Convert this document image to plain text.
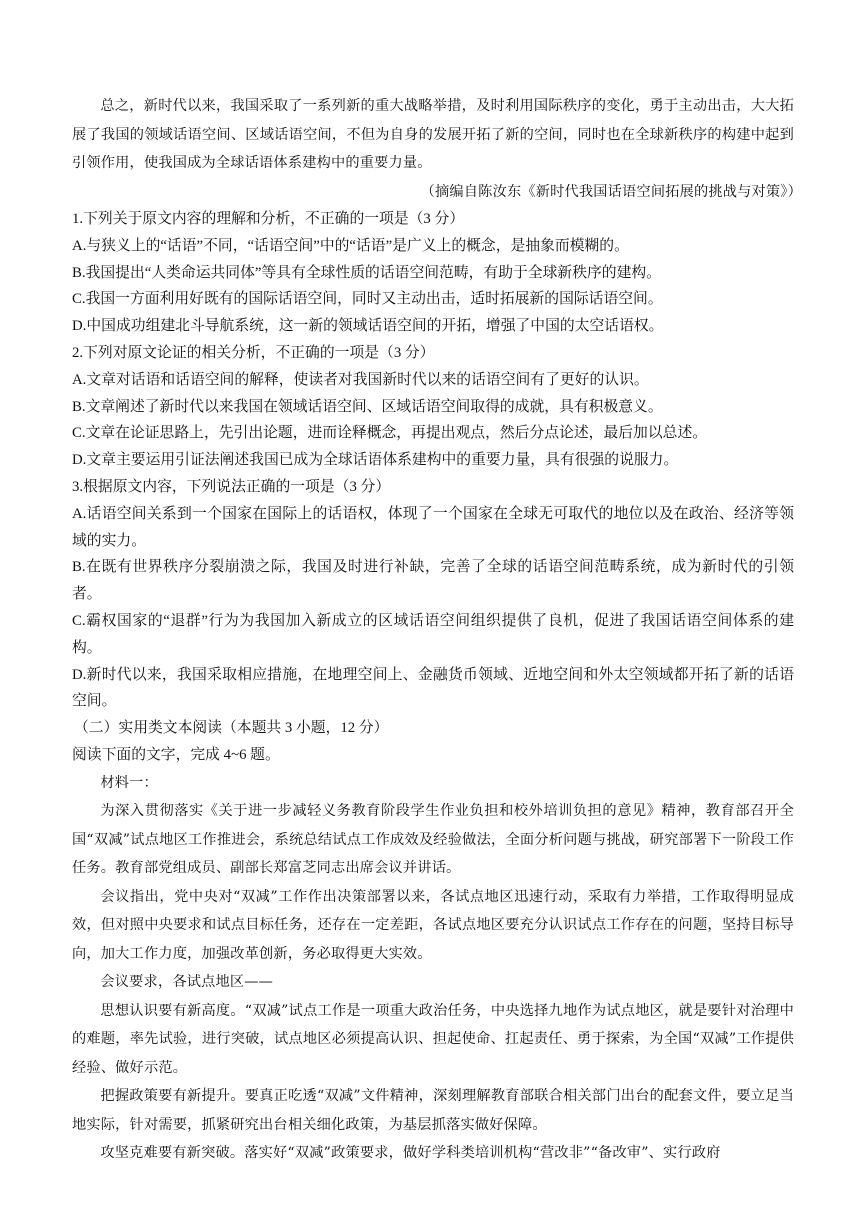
总之，新时代以来，我国采取了一系列新的重大战略举措，及时利用国际秩序的变化，勇于主动出击，大大拓展了我国的领域话语空间、区域话语空间，不但为自身的发展开拓了新的空间，同时也在全球新秩序的构建中起到引领作用，使我国成为全球话语体系建构中的重要力量。

（摘编自陈汝东《新时代我国话语空间拓展的挑战与对策》）

1.下列关于原文内容的理解和分析，不正确的一项是（3 分）

A.与狭义上的“话语”不同，“话语空间”中的“话语”是广义上的概念，是抽象而模糊的。

B.我国提出“人类命运共同体”等具有全球性质的话语空间范畴，有助于全球新秩序的建构。

C.我国一方面利用好既有的国际话语空间，同时又主动出击，适时拓展新的国际话语空间。

D.中国成功组建北斗导航系统，这一新的领域话语空间的开拓，增强了中国的太空话语权。

2.下列对原文论证的相关分析，不正确的一项是（3 分）

A.文章对话语和话语空间的解释，使读者对我国新时代以来的话语空间有了更好的认识。

B.文章阐述了新时代以来我国在领域话语空间、区域话语空间取得的成就，具有积极意义。

C.文章在论证思路上，先引出论题，进而诠释概念，再提出观点，然后分点论述，最后加以总述。

D.文章主要运用引证法阐述我国已成为全球话语体系建构中的重要力量，具有很强的说服力。

3.根据原文内容，下列说法正确的一项是（3 分）

A.话语空间关系到一个国家在国际上的话语权，体现了一个国家在全球无可取代的地位以及在政治、经济等领域的实力。

B.在既有世界秩序分裂崩溃之际，我国及时进行补缺，完善了全球的话语空间范畴系统，成为新时代的引领者。

C.霸权国家的“退群”行为为我国加入新成立的区域话语空间组织提供了良机，促进了我国话语空间体系的建构。

D.新时代以来，我国采取相应措施，在地理空间上、金融货币领域、近地空间和外太空领域都开拓了新的话语空间。

（二）实用类文本阅读（本题共 3 小题，12 分）

阅读下面的文字，完成 4~6 题。

材料一：

为深入贯彻落实《关于进一步减轻义务教育阶段学生作业负担和校外培训负担的意见》精神，教育部召开全国“双减”试点地区工作推进会，系统总结试点工作成效及经验做法，全面分析问题与挑战，研究部署下一阶段工作任务。教育部党组成员、副部长郑富芝同志出席会议并讲话。

会议指出，党中央对“双减”工作作出决策部署以来，各试点地区迅速行动，采取有力举措，工作取得明显成效，但对照中央要求和试点目标任务，还存在一定差距，各试点地区要充分认识试点工作存在的问题，坚持目标导向，加大工作力度，加强改革创新，务必取得更大实效。

会议要求，各试点地区——

思想认识要有新高度。“双减”试点工作是一项重大政治任务，中央选择九地作为试点地区，就是要针对治理中的难题，率先试验，进行突破，试点地区必须提高认识、担起使命、扛起责任、勇于探索，为全国“双减”工作提供经验、做好示范。

把握政策要有新提升。要真正吃透“双减”文件精神，深刻理解教育部联合相关部门出台的配套文件，要立足当地实际，针对需要，抓紧研究出台相关细化政策，为基层抓落实做好保障。

攻坚克难要有新突破。落实好“双减”政策要求，做好学科类培训机构“营改非”“备改审”、实行政府
